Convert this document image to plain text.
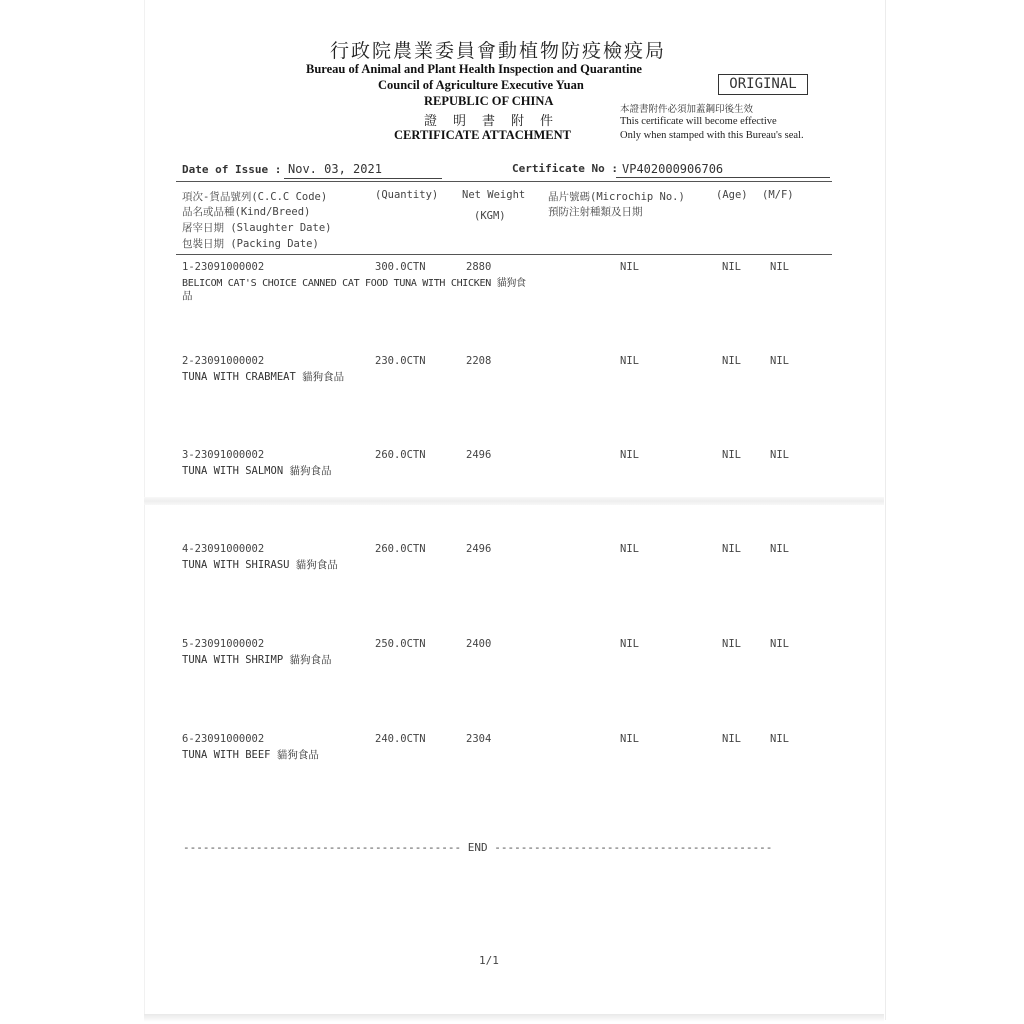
行政院農業委員會動植物防疫檢疫局
Bureau of Animal and Plant Health Inspection and Quarantine
Council of Agriculture Executive Yuan
REPUBLIC OF CHINA
證明書附件
CERTIFICATE ATTACHMENT
ORIGINAL
本證書附件必須加蓋鋼印後生效
This certificate will become effective
Only when stamped with this Bureau's seal.
Date of Issue : Nov. 03, 2021	Certificate No : VP402000906706
項次-貨品號列(C.C.C Code)
品名或品種(Kind/Breed)
屠宰日期 (Slaughter Date)
包裝日期 (Packing Date)
(Quantity) Net Weight
(KGM)
晶片號碼(Microchip No.)
預防注射種類及日期
(Age) (M/F)
1-23091000002	300.0CTN	2880	NIL	NIL	NIL
BELICOM CAT'S CHOICE CANNED CAT FOOD TUNA WITH CHICKEN 貓狗食
品
2-23091000002	230.0CTN	2208	NIL	NIL	NIL
TUNA WITH CRABMEAT 貓狗食品
3-23091000002	260.0CTN	2496	NIL	NIL	NIL
TUNA WITH SALMON 貓狗食品
4-23091000002	260.0CTN	2496	NIL	NIL	NIL
TUNA WITH SHIRASU 貓狗食品
5-23091000002	250.0CTN	2400	NIL	NIL	NIL
TUNA WITH SHRIMP 貓狗食品
6-23091000002	240.0CTN	2304	NIL	NIL	NIL
TUNA WITH BEEF 貓狗食品
------------------------------------------ END ------------------------------------------
1/1
